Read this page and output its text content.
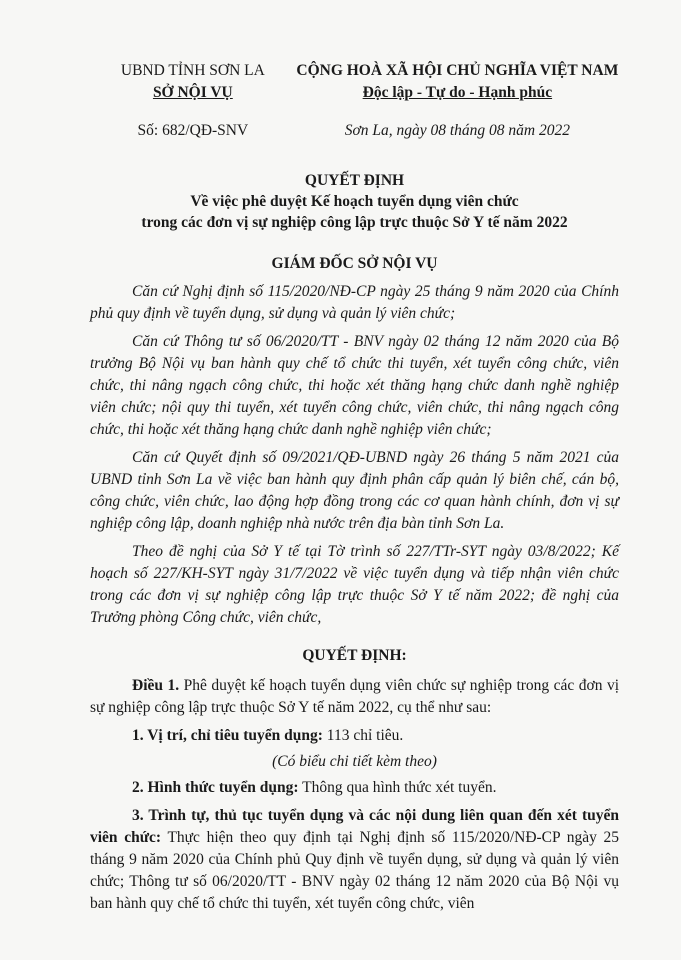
UBND TỈNH SƠN LA
SỞ NỘI VỤ
CỘNG HOÀ XÃ HỘI CHỦ NGHĨA VIỆT NAM
Độc lập - Tự do - Hạnh phúc
Số: 682/QĐ-SNV	Sơn La, ngày 08 tháng 08 năm 2022
QUYẾT ĐỊNH
Về việc phê duyệt Kế hoạch tuyển dụng viên chức
trong các đơn vị sự nghiệp công lập trực thuộc Sở Y tế năm 2022
GIÁM ĐỐC SỞ NỘI VỤ

Căn cứ Nghị định số 115/2020/NĐ-CP ngày 25 tháng 9 năm 2020 của Chính phủ quy định về tuyển dụng, sử dụng và quản lý viên chức;

Căn cứ Thông tư số 06/2020/TT - BNV ngày 02 tháng 12 năm 2020 của Bộ trưởng Bộ Nội vụ ban hành quy chế tổ chức thi tuyển, xét tuyển công chức, viên chức, thi nâng ngạch công chức, thi hoặc xét thăng hạng chức danh nghề nghiệp viên chức; nội quy thi tuyển, xét tuyển công chức, viên chức, thi nâng ngạch công chức, thi hoặc xét thăng hạng chức danh nghề nghiệp viên chức;

Căn cứ Quyết định số 09/2021/QĐ-UBND ngày 26 tháng 5 năm 2021 của UBND tỉnh Sơn La về việc ban hành quy định phân cấp quản lý biên chế, cán bộ, công chức, viên chức, lao động hợp đồng trong các cơ quan hành chính, đơn vị sự nghiệp công lập, doanh nghiệp nhà nước trên địa bàn tỉnh Sơn La.

Theo đề nghị của Sở Y tế tại Tờ trình số 227/TTr-SYT ngày 03/8/2022; Kế hoạch số 227/KH-SYT ngày 31/7/2022 về việc tuyển dụng và tiếp nhận viên chức trong các đơn vị sự nghiệp công lập trực thuộc Sở Y tế năm 2022; đề nghị của Trưởng phòng Công chức, viên chức,

QUYẾT ĐỊNH:

Điều 1. Phê duyệt kế hoạch tuyển dụng viên chức sự nghiệp trong các đơn vị sự nghiệp công lập trực thuộc Sở Y tế năm 2022, cụ thể như sau:

1. Vị trí, chỉ tiêu tuyển dụng: 113 chỉ tiêu.

(Có biểu chi tiết kèm theo)

2. Hình thức tuyển dụng: Thông qua hình thức xét tuyển.

3. Trình tự, thủ tục tuyển dụng và các nội dung liên quan đến xét tuyển viên chức: Thực hiện theo quy định tại Nghị định số 115/2020/NĐ-CP ngày 25 tháng 9 năm 2020 của Chính phủ Quy định về tuyển dụng, sử dụng và quản lý viên chức; Thông tư số 06/2020/TT - BNV ngày 02 tháng 12 năm 2020 của Bộ Nội vụ ban hành quy chế tổ chức thi tuyển, xét tuyển công chức, viên
